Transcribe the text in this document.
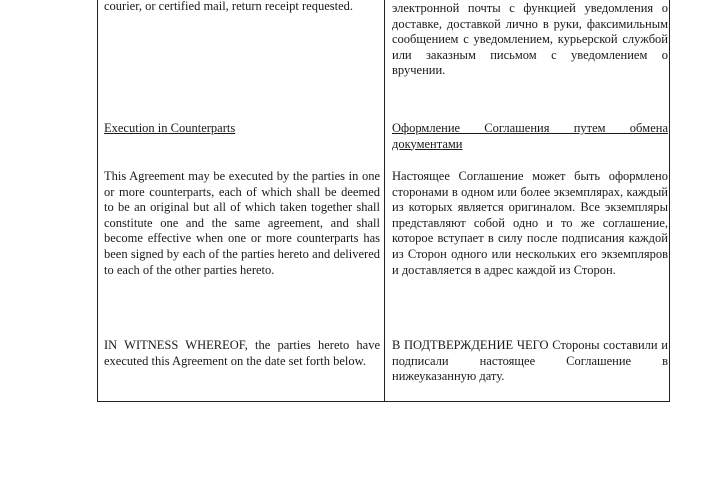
courier, or certified mail, return receipt requested.
Execution in Counterparts
This Agreement may be executed by the parties in one or more counterparts, each of which shall be deemed to be an original but all of which taken together shall constitute one and the same agreement, and shall become effective when one or more counterparts has been signed by each of the parties hereto and delivered to each of the other parties hereto.
IN WITNESS WHEREOF, the parties hereto have executed this Agreement on the date set forth below.
электронной почты с функцией уведомления о доставке, доставкой лично в руки, факсимильным сообщением с уведомлением, курьерской службой или заказным письмом с уведомлением о вручении.
Оформление Соглашения путем обмена документами
Настоящее Соглашение может быть оформлено сторонами в одном или более экземплярах, каждый из которых является оригиналом. Все экземпляры представляют собой одно и то же соглашение, которое вступает в силу после подписания каждой из Сторон одного или нескольких его экземпляров и доставляется в адрес каждой из Сторон.
В ПОДТВЕРЖДЕНИЕ ЧЕГО Стороны составили и подписали настоящее Соглашение в нижеуказанную дату.
